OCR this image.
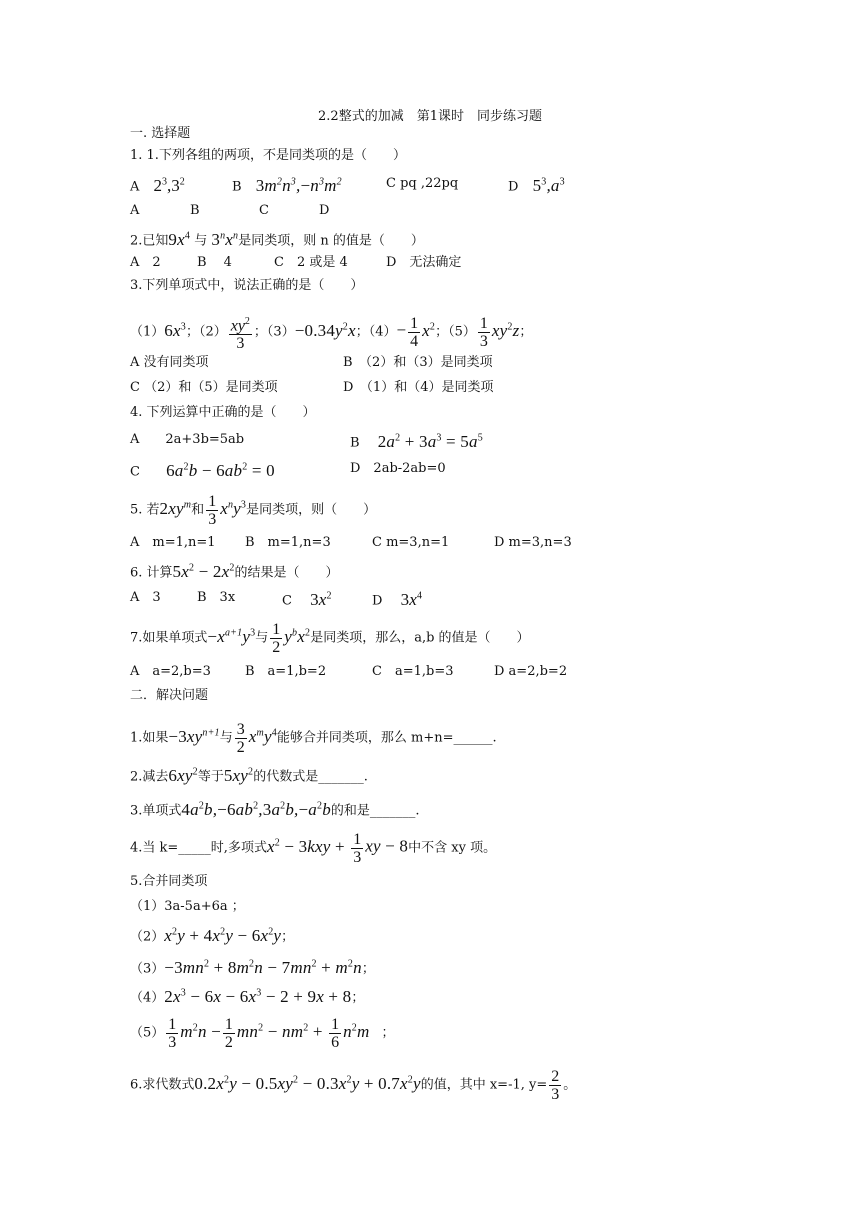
2.2整式的加减　第1课时　同步练习题
一. 选择题
1. 1.下列各组的两项，不是同类项的是（　　）
A $2^3,3^2$	B $3m^2n^3,-n^3m^2$	C pq ,22pq	D $5^3,a^3$
A	B	C	D
2.已知$9x^4$ 与 $3^nx^n$是同类项，则 n 的值是（　　）
A　2	B　 4	C　2 或是 4	D　无法确定
3.下列单项式中，说法正确的是（　　）
$(1)6x^3$；$(2) \frac{xy^2}{3}$ ；$(3)-0.34y^2x$；$(4)- \frac{1}{4} x^2$；$(5) \frac{1}{3} xy^2z$；
A 没有同类项	B　（2）和（3）是同类项
C （2）和（5）是同类项	D　（1）和（4）是同类项
4. 下列运算中正确的是（　　）
A　　2a+3b=5ab	B $2a^2 + 3a^3 = 5a^5$
C $6a^2b - 6ab^2 = 0$	D　2ab-2ab=0
5. 若$2xy^m$和 $\frac{1}{3} x^ny^3$是同类项，则（　　）
A　m=1,n=1 B　m=1,n=3	C m=3,n=1	D m=3,n=3
6. 计算$5x^2 - 2x^2$的结果是（　　）
A　3	B　3x	C $3x^2$	D $3x^4$
7.如果单项式$-x^{a+1}y^3$与 $\frac{1}{2} y^bx^2$是同类项，那么，a,b 的值是（　　）
A　a=2,b=3	B　a=1,b=2	C　a=1,b=3	D a=2,b=2
二．解决问题
1.如果$-3xy^{n+1}$与 $\frac{3}{2} x^my^4$能够合并同类项，那么 m+n=______.
2.减去$6xy^2$等于$5xy^2$的代数式是_______.
3.单项式$4a^2b,-6ab^2,3a^2b,-a^2b$的和是_______.
4.当 k=_____时,多项式$x^2 - 3kxy + \frac{1}{3}$ xy − 8中不含 xy 项。
5.合并同类项
（1）3a-5a+6a ；
$(2)x^2y + 4x^2y - 6x^2y$；
$(3)-3mn^2 + 8m^2n - 7mn^2 + m^2n$；
$(4)2x^3 - 6x - 6x^3 - 2 + 9x + 8$；
$(5) \frac{1}{3} m^2n - \frac{1}{2} mn^2 - nm^2 + \frac{1}{6} n^2m$ ；
6.求代数式$0.2x^2y - 0.5xy^2 - 0.3x^2y + 0.7x^2y$的值，其中 x=-1, $y= \frac{2}{3}$ 。
